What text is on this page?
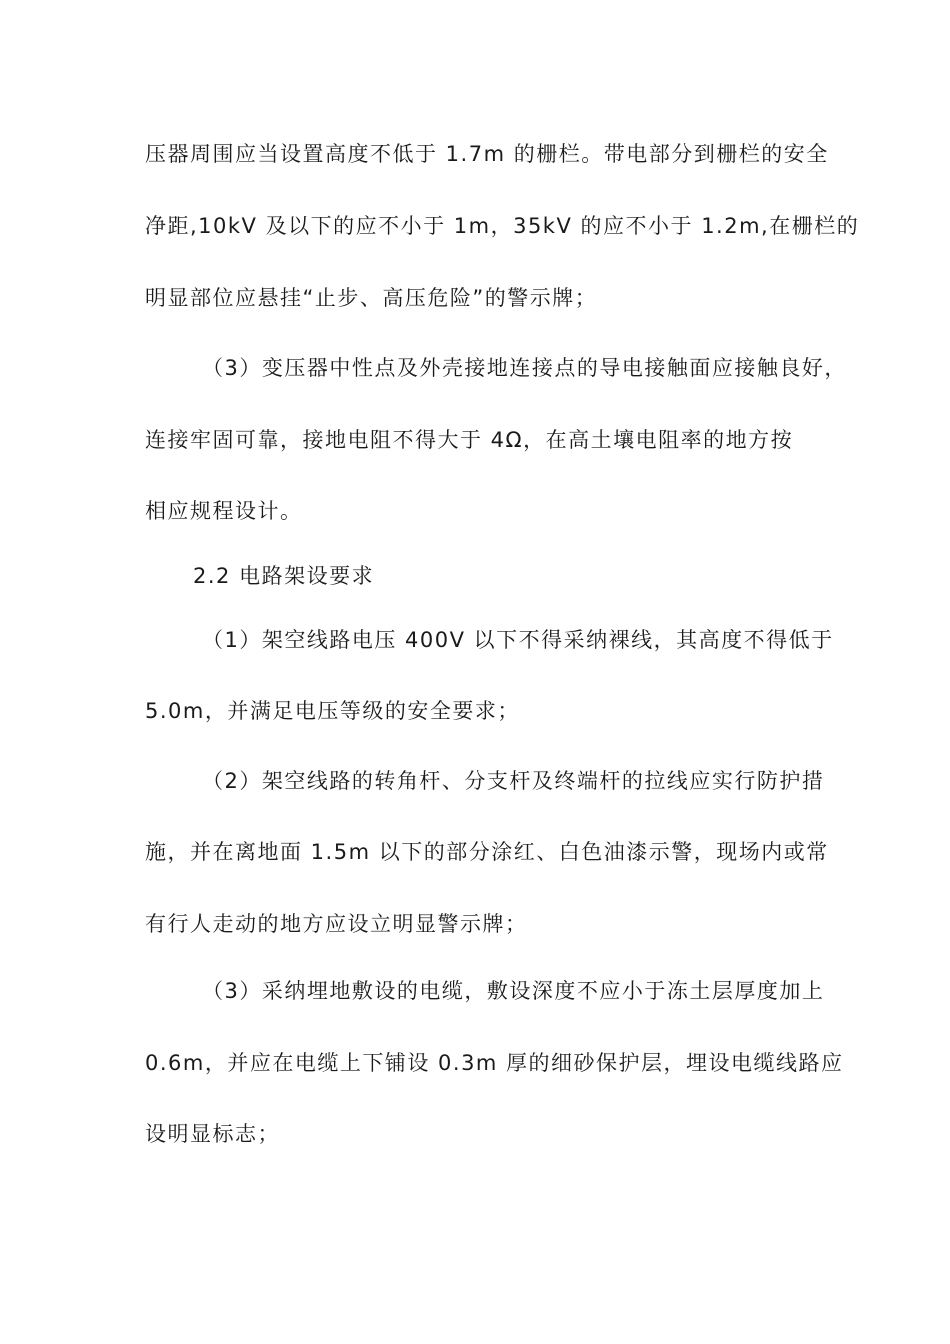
压器周围应当设置高度不低于 1.7m 的栅栏。带电部分到栅栏的安全
净距,10kV 及以下的应不小于 1m，35kV 的应不小于 1.2m,在栅栏的
明显部位应悬挂“止步、高压危险”的警示牌；
（3）变压器中性点及外壳接地连接点的导电接触面应接触良好，
连接牢固可靠，接地电阻不得大于 4Ω，在高土壤电阻率的地方按
相应规程设计。
2.2 电路架设要求
（1）架空线路电压 400V 以下不得采纳裸线，其高度不得低于
5.0m，并满足电压等级的安全要求；
（2）架空线路的转角杆、分支杆及终端杆的拉线应实行防护措
施，并在离地面 1.5m 以下的部分涂红、白色油漆示警，现场内或常
有行人走动的地方应设立明显警示牌；
（3）采纳埋地敷设的电缆，敷设深度不应小于冻土层厚度加上
0.6m，并应在电缆上下铺设 0.3m 厚的细砂保护层，埋设电缆线路应
设明显标志；
